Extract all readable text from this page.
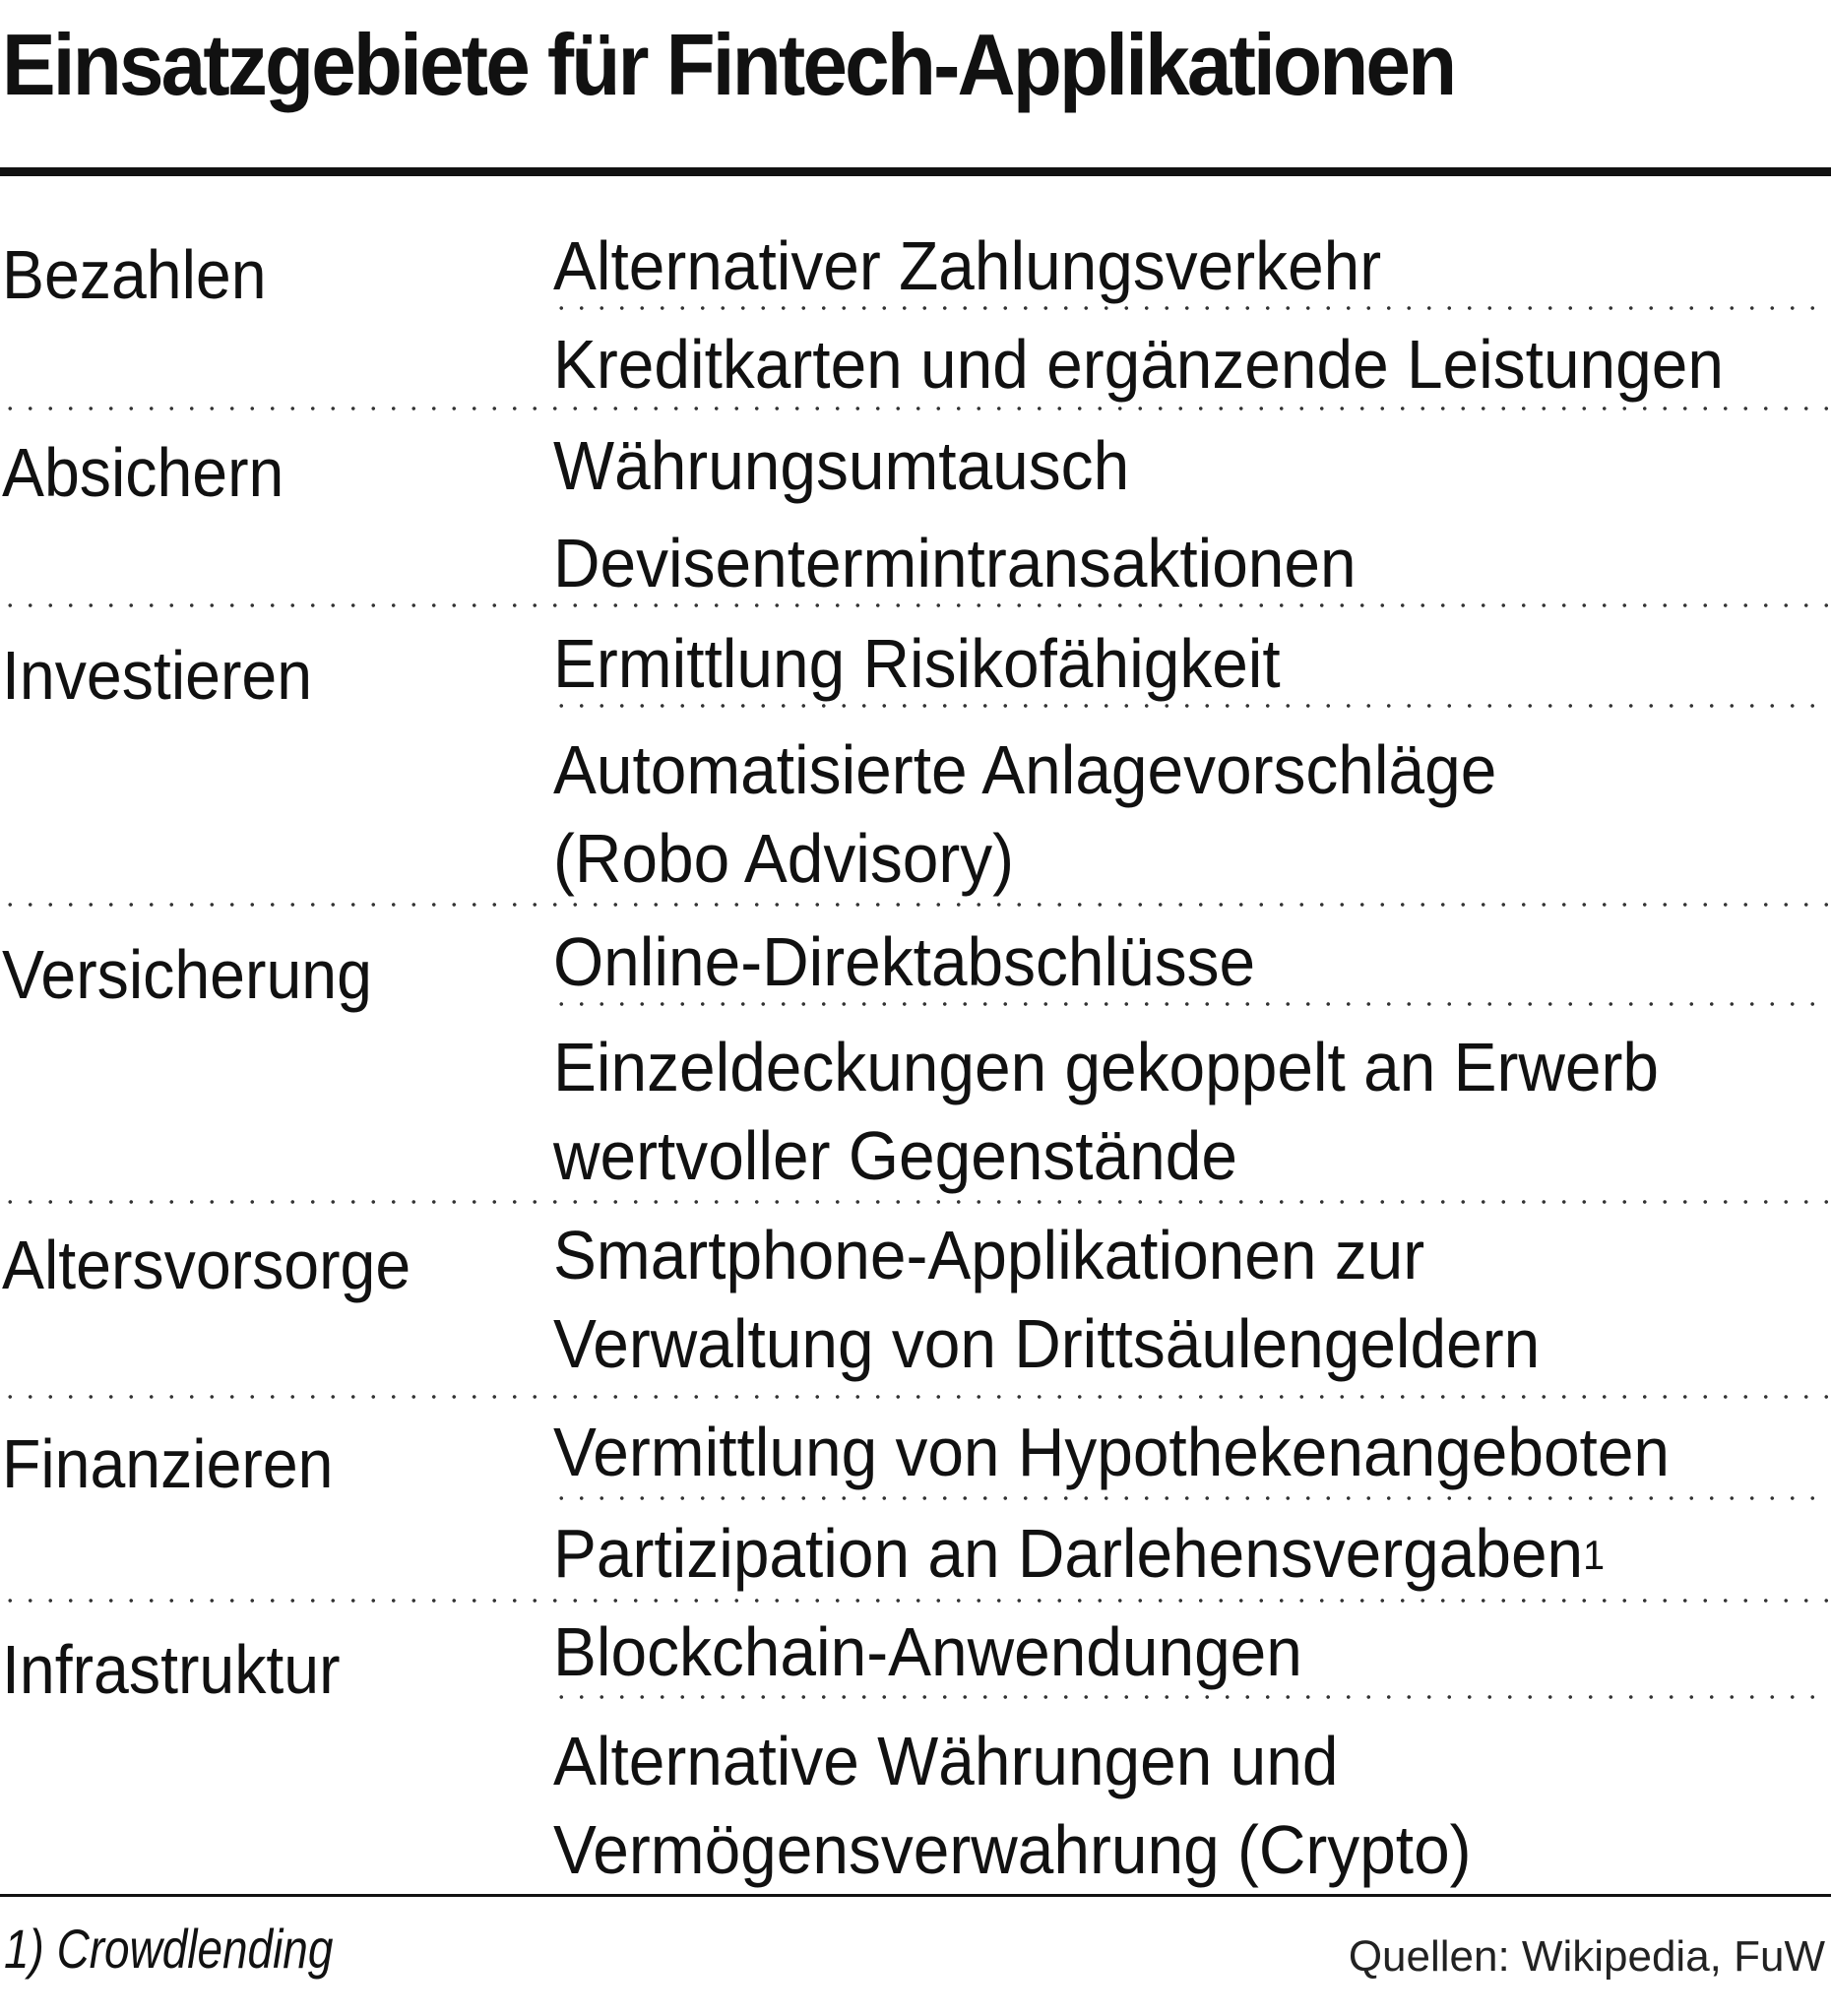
Einsatzgebiete für Fintech-Applikationen
Bezahlen	Alternativer Zahlungsverkehr
Kreditkarten und ergänzende Leistungen
Absichern	Währungsumtausch
Devisentermintransaktionen
Investieren	Ermittlung Risikofähigkeit
Automatisierte Anlagevorschläge
(Robo Advisory)
Versicherung	Online-Direktabschlüsse
Einzeldeckungen gekoppelt an Erwerb
wertvoller Gegenstände
Altersvorsorge Smartphone-Applikationen zur
Verwaltung von Drittsäulengeldern
Finanzieren	Vermittlung von Hypothekenangeboten
Partizipation an Darlehensvergaben$^1$
Infrastruktur	Blockchain-Anwendungen
Alternative Währungen und
Vermögensverwahrung (Crypto)
1) Crowdlending	Quellen: Wikipedia, FuW
